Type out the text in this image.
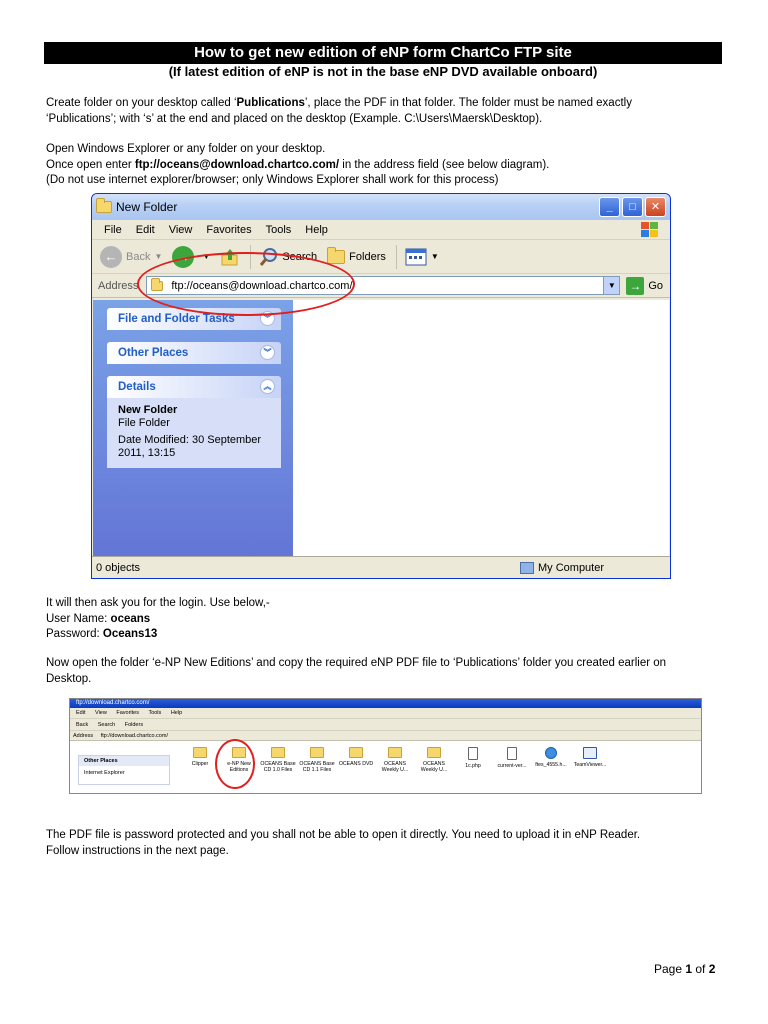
How to get new edition of eNP form ChartCo FTP site
(If latest edition of eNP is not in the base eNP DVD available onboard)
Create folder on your desktop called ‘Publications’, place the PDF in that folder. The folder must be named exactly
‘Publications’; with ‘s’ at the end and placed on the desktop (Example. C:\Users\Maersk\Desktop).
Open Windows Explorer or any folder on your desktop.
Once open enter ftp://oceans@download.chartco.com/ in the address field (see below diagram).
(Do not use internet explorer/browser; only Windows Explorer shall work for this process)
New Folder	_	□	✕
File Edit View Favorites Tools Help
← Back ▼	→	▼	Search	Folders	▼
Address	ftp://oceans@download.chartco.com/	▼ → Go
File and Folder Tasks	︾
Other Places	︾
Details	︽
New Folder
File Folder
Date Modified: 30 September
2011, 13:15
0 objects	My Computer
It will then ask you for the login. Use below,-
User Name: oceans
Password: Oceans13
Now open the folder ‘e-NP New Editions’ and copy the required eNP PDF file to ‘Publications’ folder you created earlier on
Desktop.
ftp://download.chartco.com/
Edit View Favorites Tools Help
Back Search Folders
Address ftp://download.chartco.com/
Other Places
Internet Explorer
Clipper	e-NP New
Editions
OCEANS Base
CD 1.0 Files
OCEANS Base
CD 1.1 Files
OCEANS DVD	OCEANS
Weekly U...
OCEANS
Weekly U...
1c.php	current-ver...	ftes_4555.h...	TeamViewer...
The PDF file is password protected and you shall not be able to open it directly. You need to upload it in eNP Reader.
Follow instructions in the next page.
Page 1 of 2
